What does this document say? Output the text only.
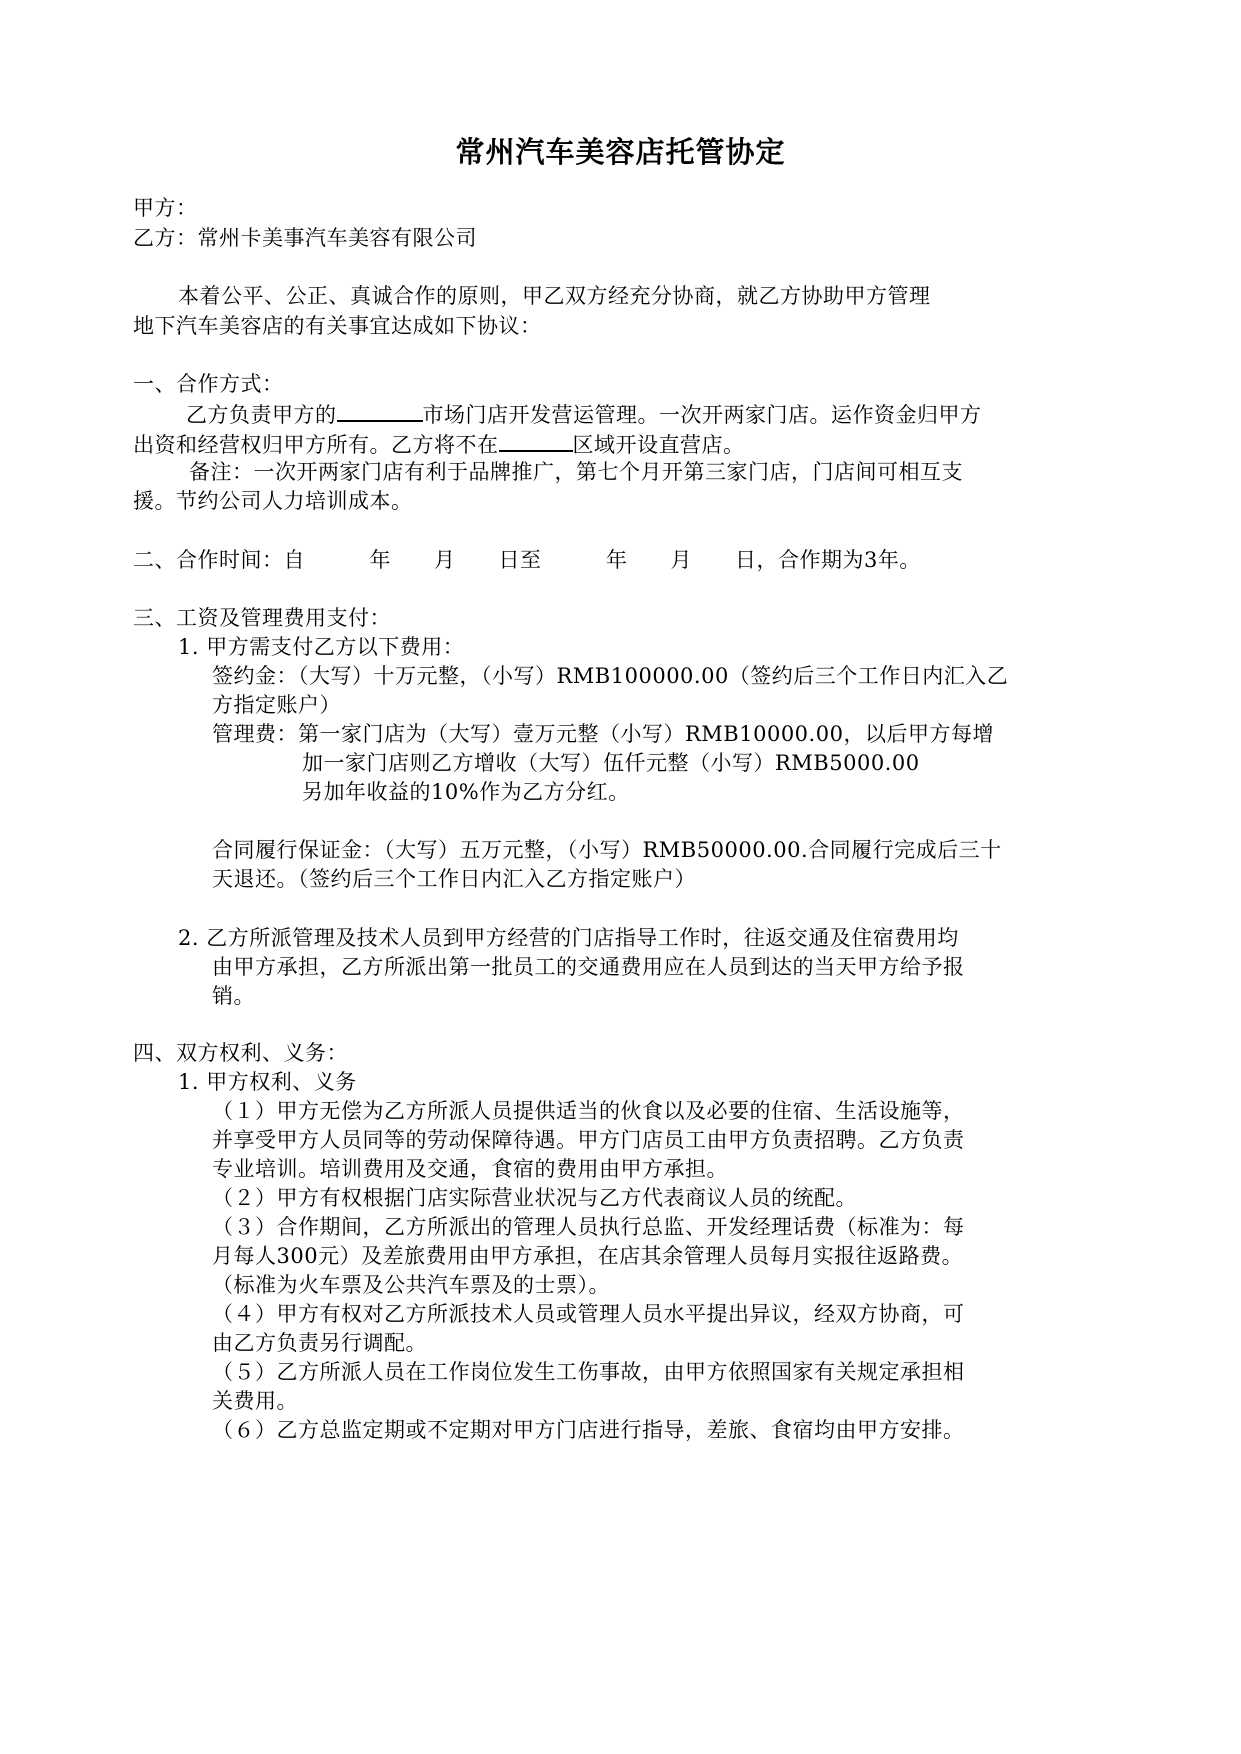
常州汽车美容店托管协定
甲方：
乙方：常州卡美事汽车美容有限公司
本着公平、公正、真诚合作的原则，甲乙双方经充分协商，就乙方协助甲方管理
地下汽车美容店的有关事宜达成如下协议：
一、合作方式：
乙方负责甲方的	市场门店开发营运管理。一次开两家门店。运作资金归甲方
出资和经营权归甲方所有。乙方将不在	区域开设直营店。
备注：一次开两家门店有利于品牌推广，第七个月开第三家门店，门店间可相互支
援。节约公司人力培训成本。
二、合作时间：自　　　年　　月　　日至　　　年　　月　　日，合作期为3年。
三、工资及管理费用支付：
1. 甲方需支付乙方以下费用：
签约金：（大写）十万元整，（小写）RMB100000.00（签约后三个工作日内汇入乙
方指定账户）
管理费：第一家门店为（大写）壹万元整（小写）RMB10000.00，以后甲方每增
加一家门店则乙方增收（大写）伍仟元整（小写）RMB5000.00
另加年收益的10%作为乙方分红。
合同履行保证金：（大写）五万元整，（小写）RMB50000.00.合同履行完成后三十
天退还。（签约后三个工作日内汇入乙方指定账户）
2. 乙方所派管理及技术人员到甲方经营的门店指导工作时，往返交通及住宿费用均
由甲方承担，乙方所派出第一批员工的交通费用应在人员到达的当天甲方给予报
销。
四、双方权利、义务：
1. 甲方权利、义务
（１）甲方无偿为乙方所派人员提供适当的伙食以及必要的住宿、生活设施等，
并享受甲方人员同等的劳动保障待遇。甲方门店员工由甲方负责招聘。乙方负责
专业培训。培训费用及交通，食宿的费用由甲方承担。
（２）甲方有权根据门店实际营业状况与乙方代表商议人员的统配。
（３）合作期间，乙方所派出的管理人员执行总监、开发经理话费（标准为：每
月每人300元）及差旅费用由甲方承担，在店其余管理人员每月实报往返路费。
（标准为火车票及公共汽车票及的士票）。
（４）甲方有权对乙方所派技术人员或管理人员水平提出异议，经双方协商，可
由乙方负责另行调配。
（５）乙方所派人员在工作岗位发生工伤事故，由甲方依照国家有关规定承担相
关费用。
（６）乙方总监定期或不定期对甲方门店进行指导，差旅、食宿均由甲方安排。
